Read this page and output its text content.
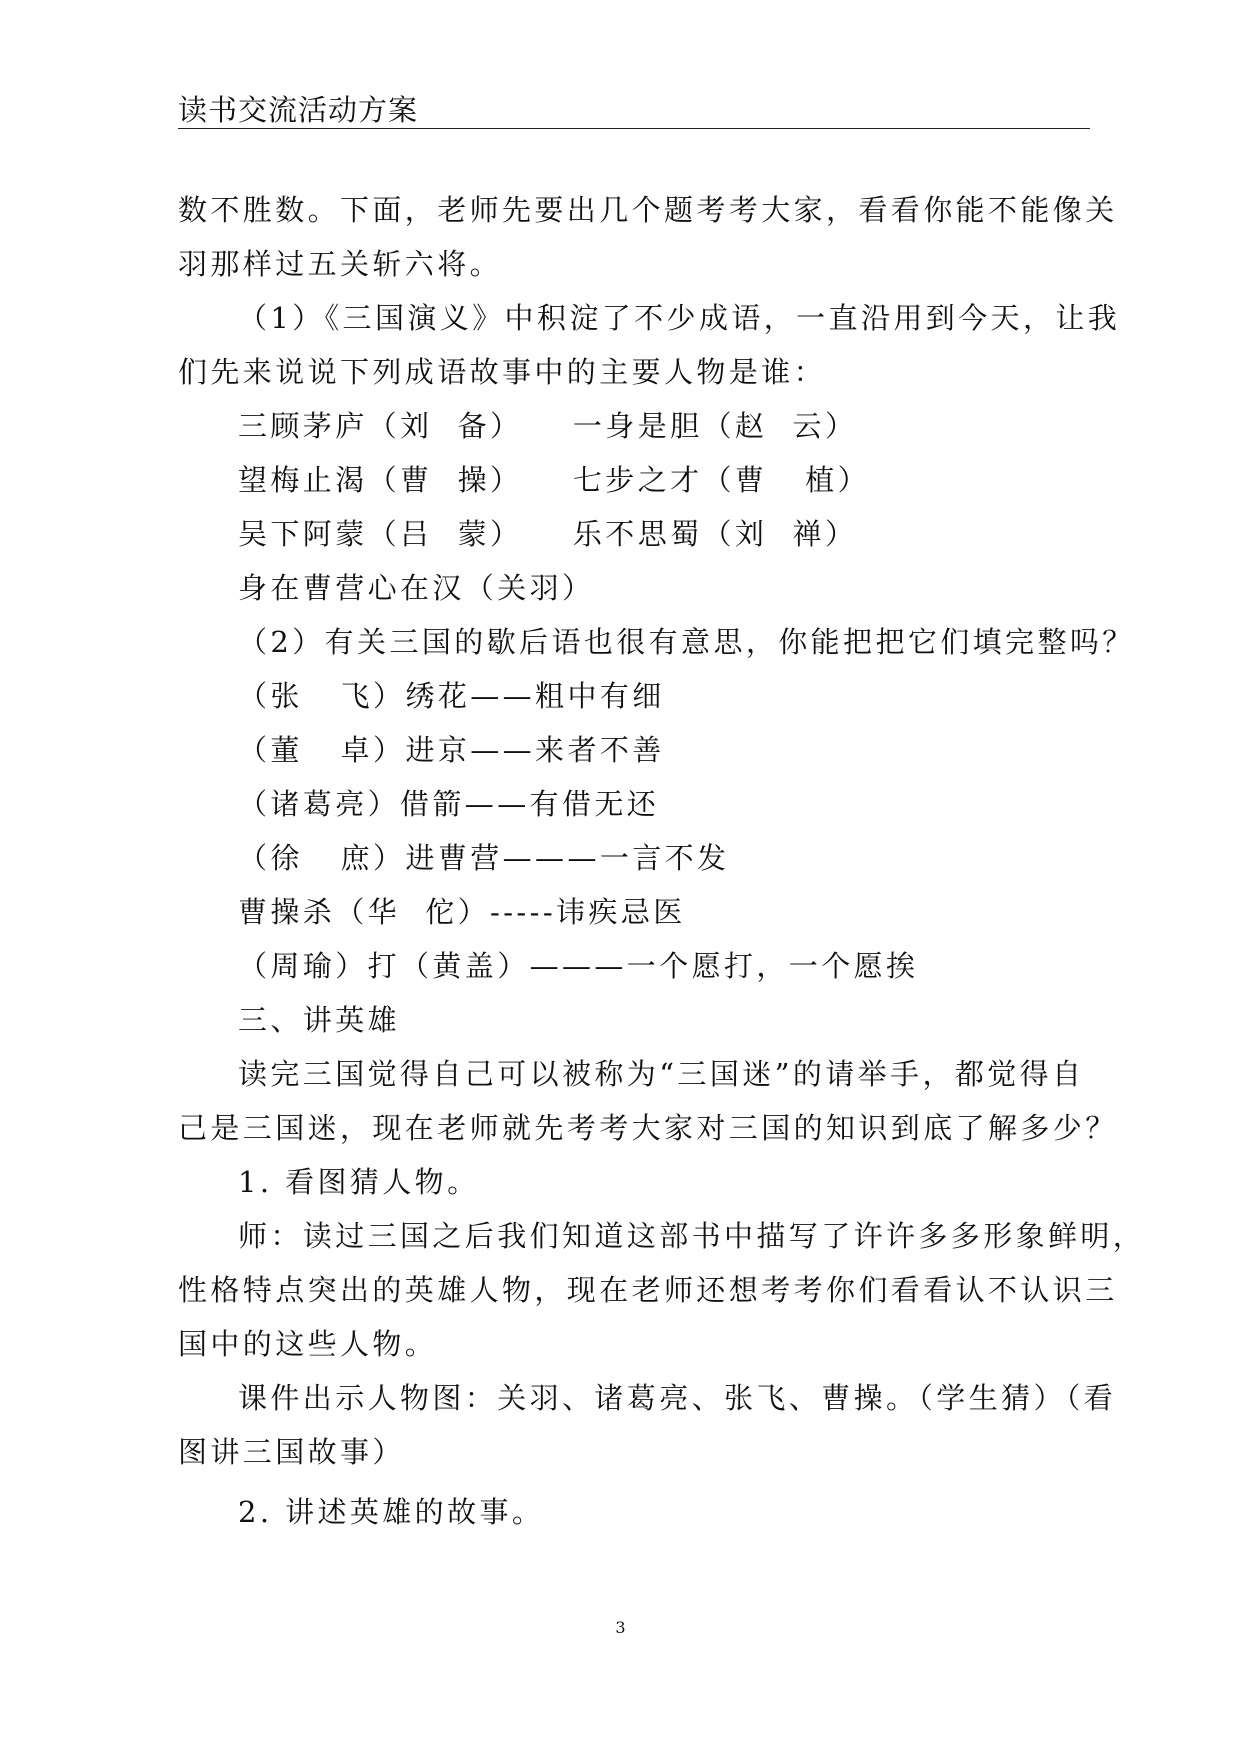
读书交流活动方案
数不胜数。下面，老师先要出几个题考考大家，看看你能不能像关
羽那样过五关斩六将。
（1）《三国演义》中积淀了不少成语，一直沿用到今天，让我
们先来说说下列成语故事中的主要人物是谁：
三顾茅庐（刘  备）    一身是胆（赵  云）
望梅止渴（曹  操）    七步之才（曹   植）
吴下阿蒙（吕  蒙）    乐不思蜀（刘  禅）
身在曹营心在汉（关羽）
（2）有关三国的歇后语也很有意思，你能把把它们填完整吗？
（张   飞）绣花——粗中有细
（董   卓）进京——来者不善
（诸葛亮）借箭——有借无还
（徐   庶）进曹营———一言不发
曹操杀（华  佗）-----讳疾忌医
（周瑜）打（黄盖）———一个愿打，一个愿挨
三、讲英雄
读完三国觉得自己可以被称为“三国迷”的请举手，都觉得自
己是三国迷，现在老师就先考考大家对三国的知识到底了解多少？
1. 看图猜人物。
师：读过三国之后我们知道这部书中描写了许许多多形象鲜明，
性格特点突出的英雄人物，现在老师还想考考你们看看认不认识三
国中的这些人物。
课件出示人物图：关羽、诸葛亮、张飞、曹操。（学生猜）（看
图讲三国故事）
2. 讲述英雄的故事。
3
